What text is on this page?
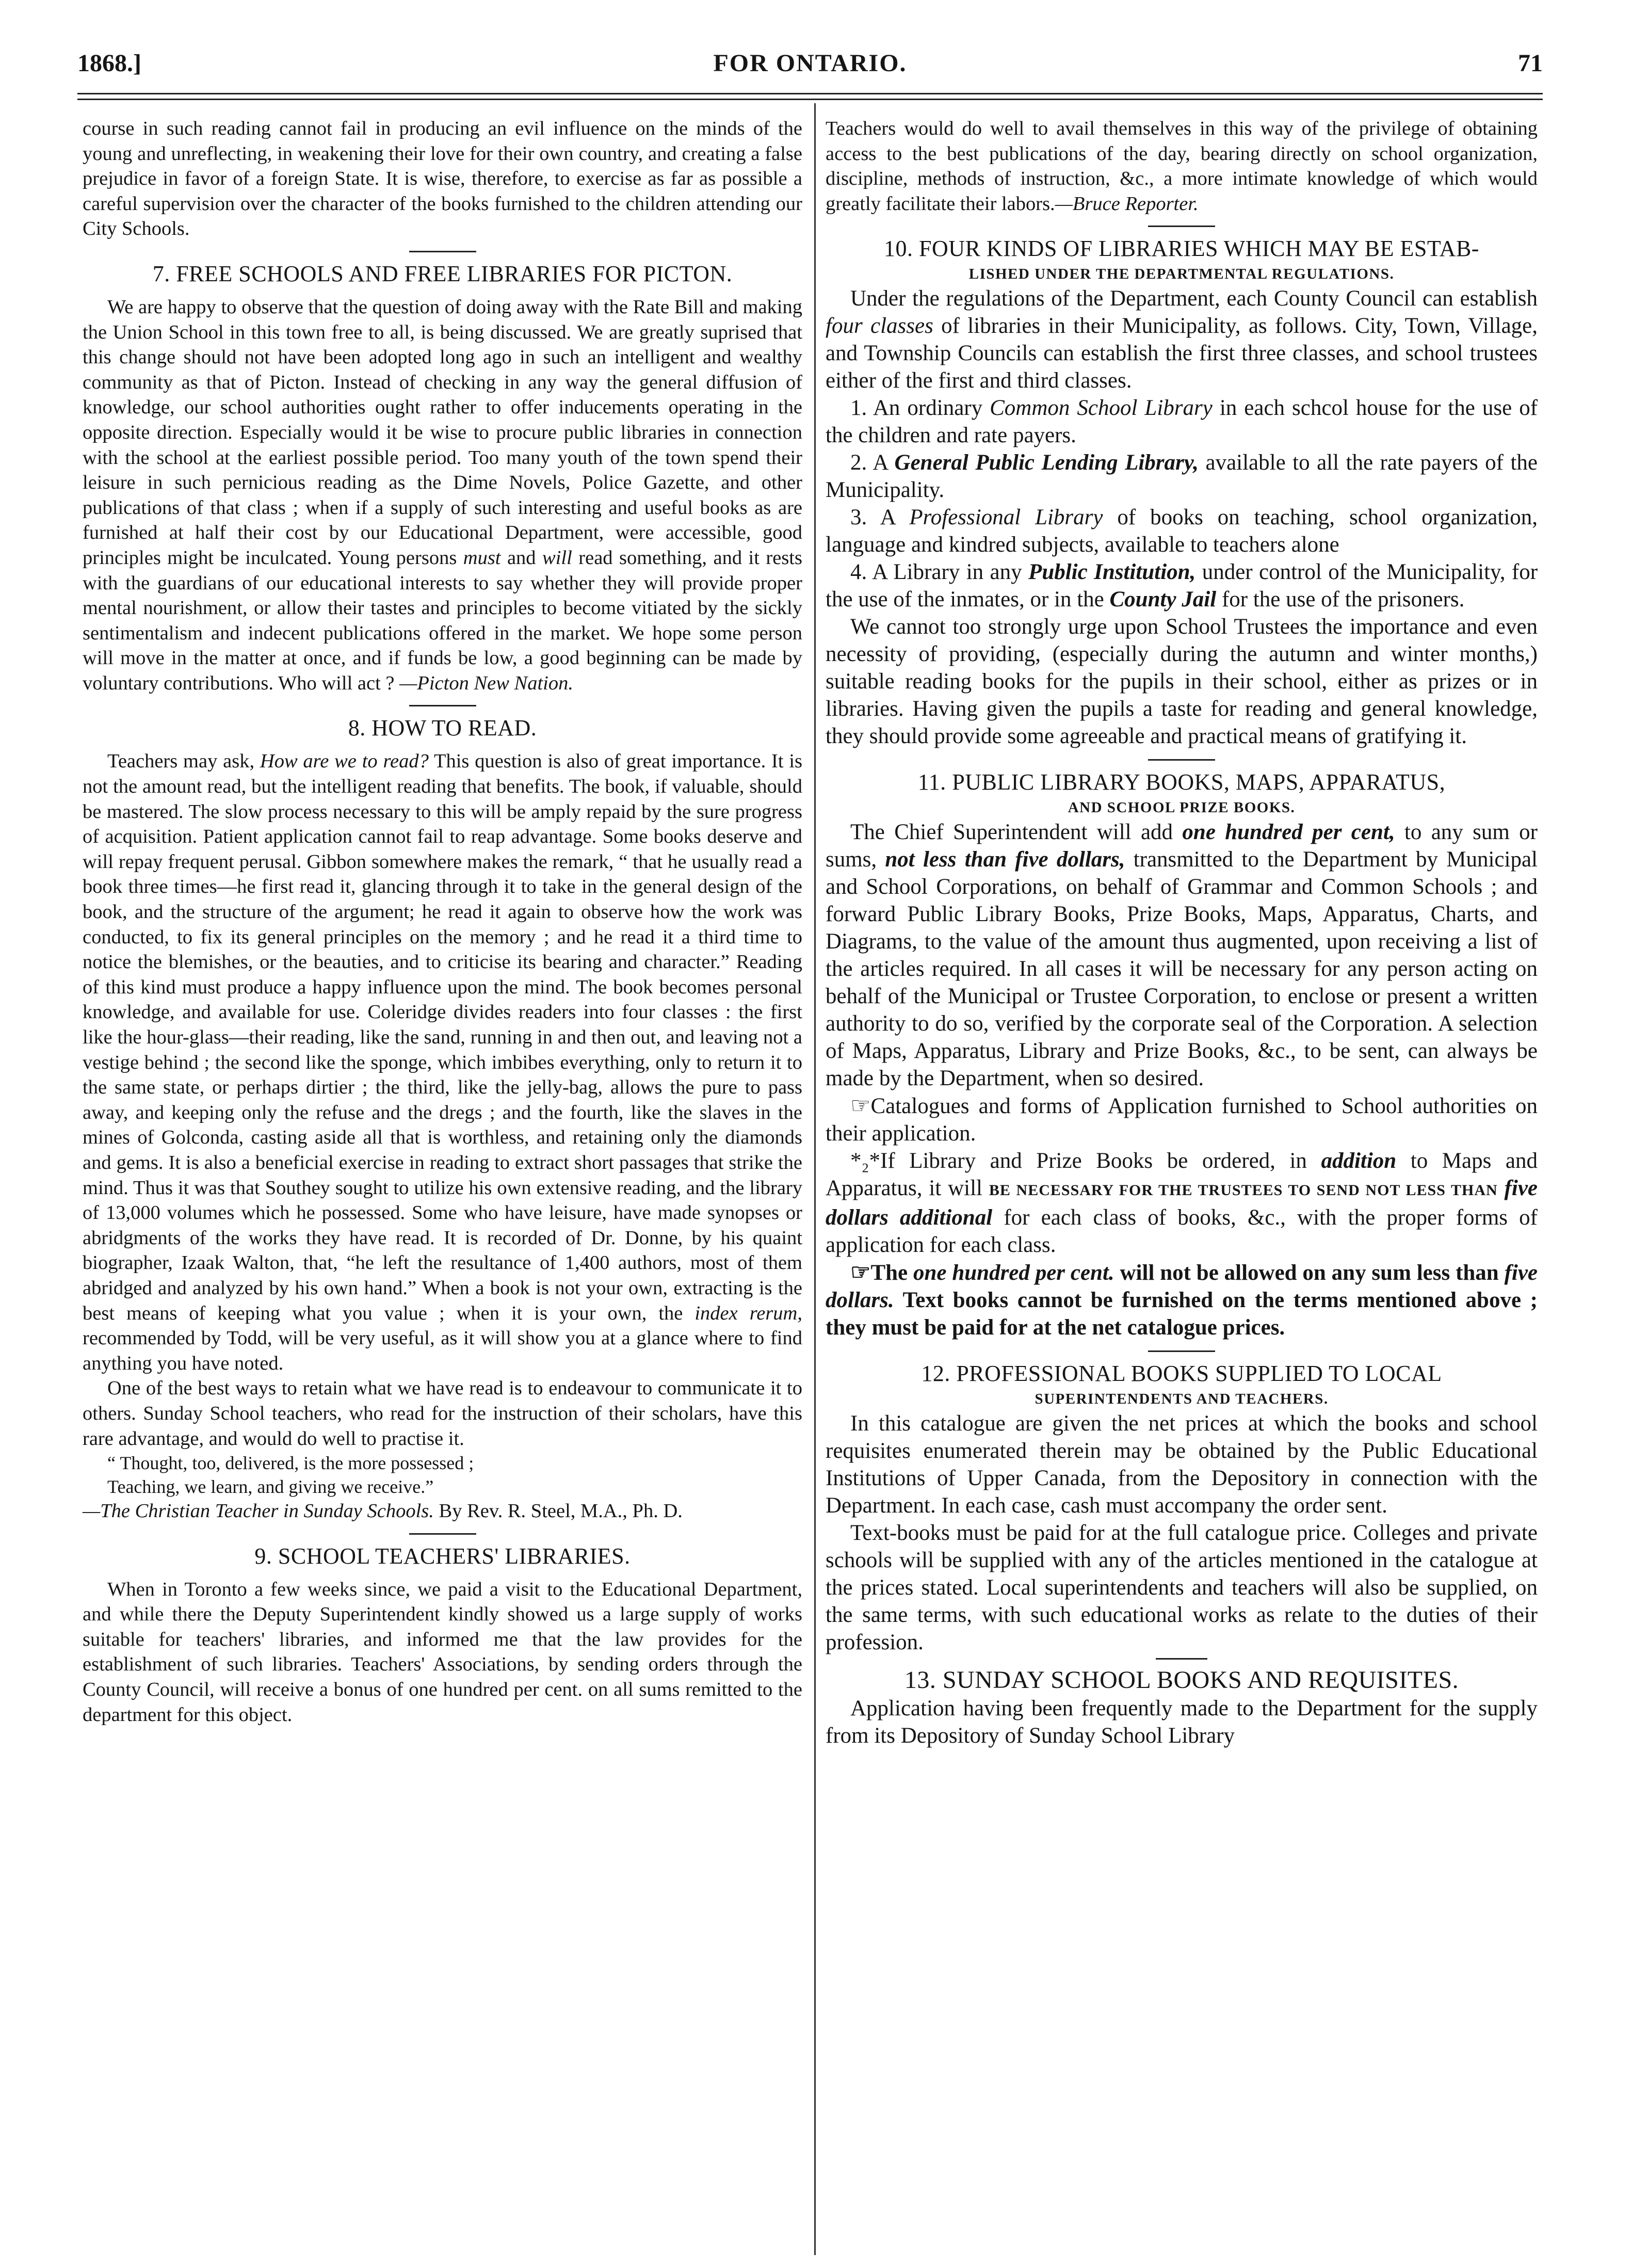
1868.]	FOR ONTARIO.	71

course in such reading cannot fail in producing an evil influence on the minds of the young and unreflecting, in weakening their love for their own country, and creating a false prejudice in favor of a foreign State. It is wise, therefore, to exercise as far as possible a careful supervision over the character of the books furnished to the children attending our City Schools.

7. FREE SCHOOLS AND FREE LIBRARIES FOR PICTON.

We are happy to observe that the question of doing away with the Rate Bill and making the Union School in this town free to all, is being discussed. We are greatly suprised that this change should not have been adopted long ago in such an intelligent and wealthy community as that of Picton. Instead of checking in any way the general diffusion of knowledge, our school authorities ought rather to offer inducements operating in the opposite direction. Especially would it be wise to procure public libraries in connection with the school at the earliest possible period. Too many youth of the town spend their leisure in such pernicious reading as the Dime Novels, Police Gazette, and other publications of that class ; when if a supply of such interesting and useful books as are furnished at half their cost by our Educational Department, were accessible, good principles might be inculcated. Young persons must and will read something, and it rests with the guardians of our educational interests to say whether they will provide proper mental nourishment, or allow their tastes and principles to become vitiated by the sickly sentimentalism and indecent publications offered in the market. We hope some person will move in the matter at once, and if funds be low, a good beginning can be made by voluntary contributions. Who will act ? —Picton New Nation.

8. HOW TO READ.

Teachers may ask, How are we to read? This question is also of great importance. It is not the amount read, but the intelligent reading that benefits. The book, if valuable, should be mastered. The slow process necessary to this will be amply repaid by the sure progress of acquisition. Patient application cannot fail to reap advantage. Some books deserve and will repay frequent perusal. Gibbon somewhere makes the remark, “ that he usually read a book three times—he first read it, glancing through it to take in the general design of the book, and the structure of the argument; he read it again to observe how the work was conducted, to fix its general principles on the memory ; and he read it a third time to notice the blemishes, or the beauties, and to criticise its bearing and character.” Reading of this kind must produce a happy influence upon the mind. The book becomes personal knowledge, and available for use. Coleridge divides readers into four classes : the first like the hour-glass—their reading, like the sand, running in and then out, and leaving not a vestige behind ; the second like the sponge, which imbibes everything, only to return it to the same state, or perhaps dirtier ; the third, like the jelly-bag, allows the pure to pass away, and keeping only the refuse and the dregs ; and the fourth, like the slaves in the mines of Golconda, casting aside all that is worthless, and retaining only the diamonds and gems. It is also a beneficial exercise in reading to extract short passages that strike the mind. Thus it was that Southey sought to utilize his own extensive reading, and the library of 13,000 volumes which he possessed. Some who have leisure, have made synopses or abridgments of the works they have read. It is recorded of Dr. Donne, by his quaint biographer, Izaak Walton, that, “he left the resultance of 1,400 authors, most of them abridged and analyzed by his own hand.” When a book is not your own, extracting is the best means of keeping what you value ; when it is your own, the index rerum, recommended by Todd, will be very useful, as it will show you at a glance where to find anything you have noted.

One of the best ways to retain what we have read is to endeavour to communicate it to others. Sunday School teachers, who read for the instruction of their scholars, have this rare advantage, and would do well to practise it.

“ Thought, too, delivered, is the more possessed ;

Teaching, we learn, and giving we receive.”

—The Christian Teacher in Sunday Schools. By Rev. R. Steel, M.A., Ph. D.

9. SCHOOL TEACHERS' LIBRARIES.

When in Toronto a few weeks since, we paid a visit to the Educational Department, and while there the Deputy Superintendent kindly showed us a large supply of works suitable for teachers' libraries, and informed me that the law provides for the establishment of such libraries. Teachers' Associations, by sending orders through the County Council, will receive a bonus of one hundred per cent. on all sums remitted to the department for this object.

Teachers would do well to avail themselves in this way of the privilege of obtaining access to the best publications of the day, bearing directly on school organization, discipline, methods of instruction, &c., a more intimate knowledge of which would greatly facilitate their labors.—Bruce Reporter.

10. FOUR KINDS OF LIBRARIES WHICH MAY BE ESTAB-

LISHED UNDER THE DEPARTMENTAL REGULATIONS.

Under the regulations of the Department, each County Council can establish four classes of libraries in their Municipality, as follows. City, Town, Village, and Township Councils can establish the first three classes, and school trustees either of the first and third classes.

1. An ordinary Common School Library in each schcol house for the use of the children and rate payers.

2. A General Public Lending Library, available to all the rate payers of the Municipality.

3. A Professional Library of books on teaching, school organization, language and kindred subjects, available to teachers alone

4. A Library in any Public Institution, under control of the Municipality, for the use of the inmates, or in the County Jail for the use of the prisoners.

We cannot too strongly urge upon School Trustees the importance and even necessity of providing, (especially during the autumn and winter months,) suitable reading books for the pupils in their school, either as prizes or in libraries. Having given the pupils a taste for reading and general knowledge, they should provide some agreeable and practical means of gratifying it.

11. PUBLIC LIBRARY BOOKS, MAPS, APPARATUS,

AND SCHOOL PRIZE BOOKS.

The Chief Superintendent will add one hundred per cent, to any sum or sums, not less than five dollars, transmitted to the Department by Municipal and School Corporations, on behalf of Grammar and Common Schools ; and forward Public Library Books, Prize Books, Maps, Apparatus, Charts, and Diagrams, to the value of the amount thus augmented, upon receiving a list of the articles required. In all cases it will be necessary for any person acting on behalf of the Municipal or Trustee Corporation, to enclose or present a written authority to do so, verified by the corporate seal of the Corporation. A selection of Maps, Apparatus, Library and Prize Books, &c., to be sent, can always be made by the Department, when so desired.

☞Catalogues and forms of Application furnished to School authorities on their application.

*₂*If Library and Prize Books be ordered, in addition to Maps and Apparatus, it will BE NECESSARY FOR THE TRUSTEES TO SEND NOT LESS THAN five dollars additional for each class of books, &c., with the proper forms of application for each class.

☞The one hundred per cent. will not be allowed on any sum less than five dollars. Text books cannot be furnished on the terms mentioned above ; they must be paid for at the net catalogue prices.

12. PROFESSIONAL BOOKS SUPPLIED TO LOCAL

SUPERINTENDENTS AND TEACHERS.

In this catalogue are given the net prices at which the books and school requisites enumerated therein may be obtained by the Public Educational Institutions of Upper Canada, from the Depository in connection with the Department. In each case, cash must accompany the order sent.

Text-books must be paid for at the full catalogue price. Colleges and private schools will be supplied with any of the articles mentioned in the catalogue at the prices stated. Local superintendents and teachers will also be supplied, on the same terms, with such educational works as relate to the duties of their profession.

13. SUNDAY SCHOOL BOOKS AND REQUISITES.

Application having been frequently made to the Department for the supply from its Depository of Sunday School Library
